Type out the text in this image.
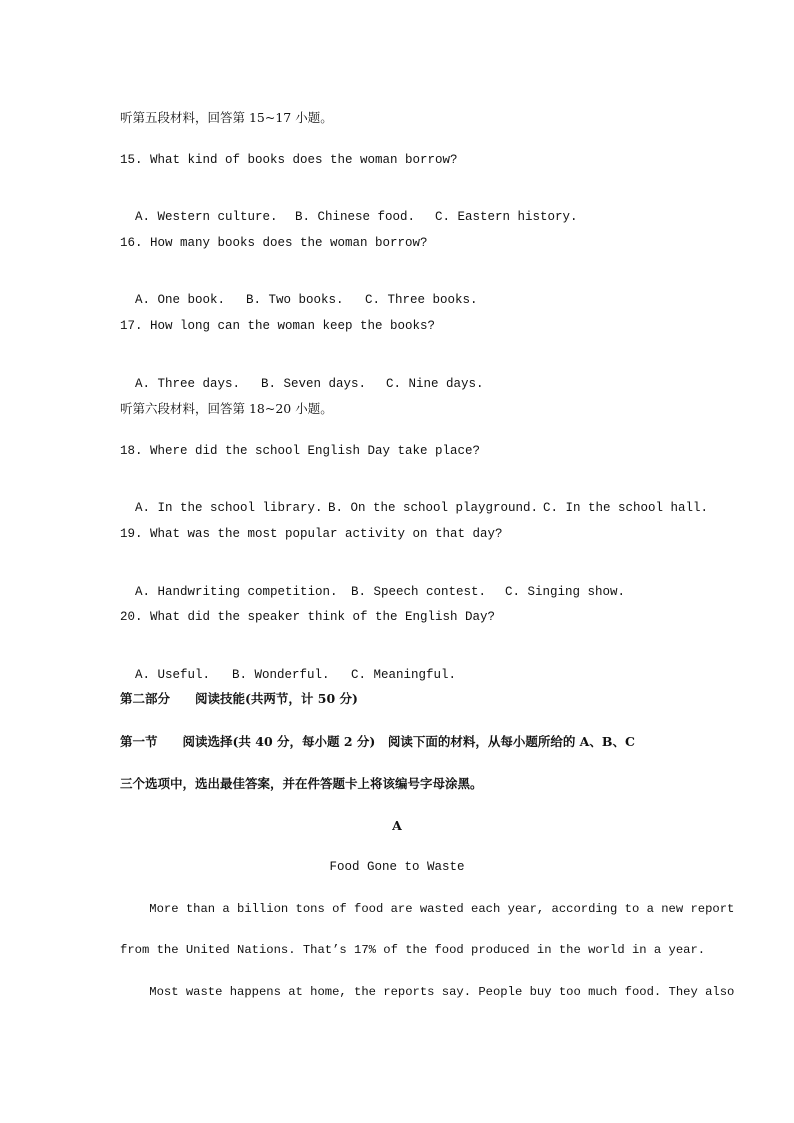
听第五段材料，回答第 15~17 小题。
15. What kind of books does the woman borrow?

A. Western culture. B. Chinese food. C. Eastern history.

16. How many books does the woman borrow?

A. One book. B. Two books. C. Three books.

17. How long can the woman keep the books?

A. Three days. B. Seven days. C. Nine days.

听第六段材料，回答第 18~20 小题。
18. Where did the school English Day take place?

A. In the school library. B. On the school playground. C. In the school hall.

19. What was the most popular activity on that day?

A. Handwriting competition. B. Speech contest. C. Singing show.

20. What did the speaker think of the English Day?

A. Useful. B. Wonderful. C. Meaningful.

第二部分　　阅读技能(共两节，计 50 分)
第一节　　阅读选择(共 40 分，每小题 2 分)　阅读下面的材料，从每小题所给的 A、B、C
三个选项中，选出最佳答案，并在件答题卡上将该编号字母涂黑。
A
Food Gone to Waste
More than a billion tons of food are wasted each year, according to a new report
from the United Nations. That’s 17% of the food produced in the world in a year.
Most waste happens at home, the reports say. People buy too much food. They also
